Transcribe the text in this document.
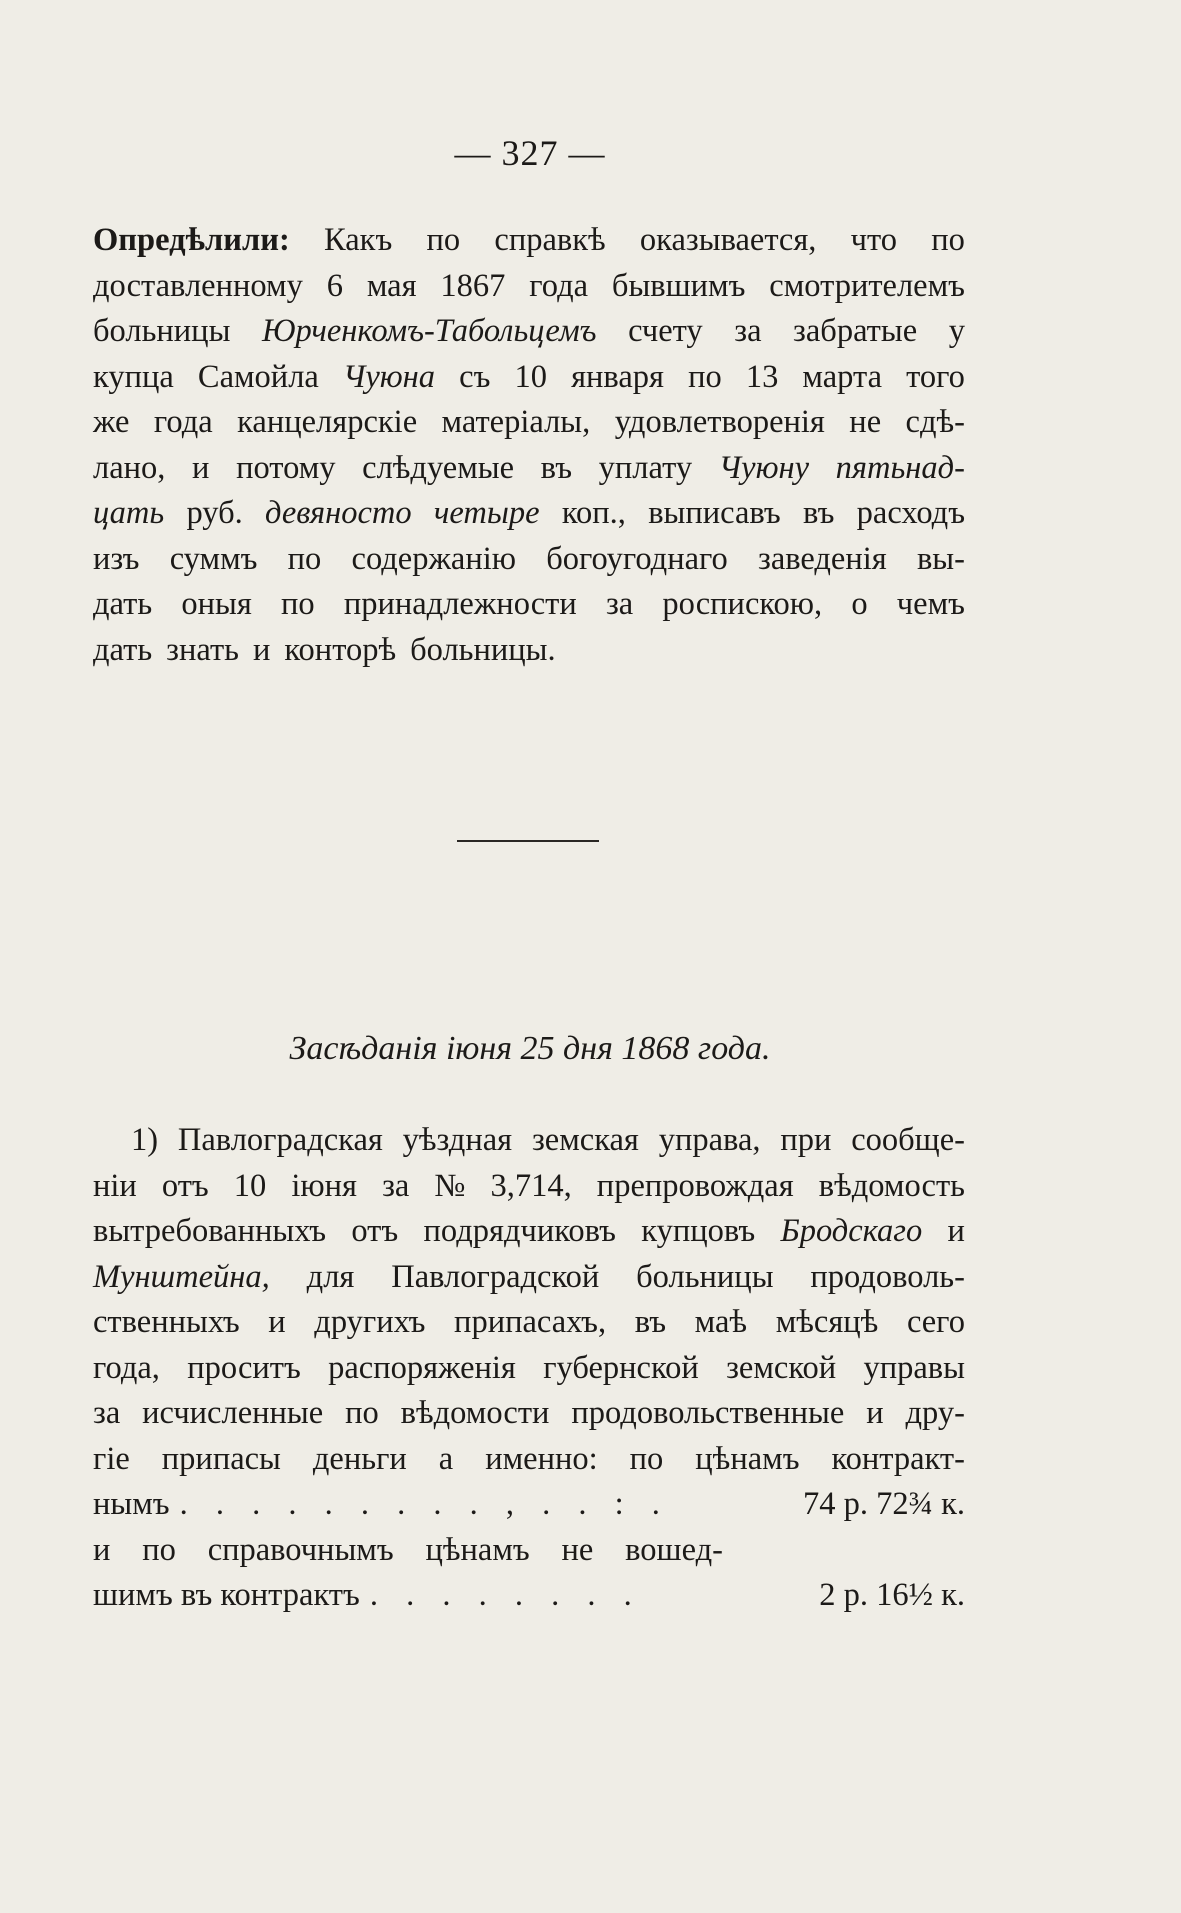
— 327 —
Опредѣлили: Какъ по справкѣ оказывается, что по
доставленному 6 мая 1867 года бывшимъ смотрителемъ
больницы Юрченкомъ-Табольцемъ счету за забратые у
купца Самойла Чуюна съ 10 января по 13 марта того
же года канцелярскіе матеріалы, удовлетворенія не сдѣ-
лано, и потому слѣдуемые въ уплату Чуюну пятьнад-
цать руб. девяносто четыре коп., выписавъ въ расходъ
изъ суммъ по содержанію богоугоднаго заведенія вы-
дать оныя по принадлежности за роспискою, о чемъ
дать знать и конторѣ больницы.
Засѣданія іюня 25 дня 1868 года.
1) Павлоградская уѣздная земская управа, при сообще-
ніи отъ 10 іюня за № 3,714, препровождая вѣдомость
вытребованныхъ отъ подрядчиковъ купцовъ Бродскаго и
Мунштейна, для Павлоградской больницы продоволь-
ственныхъ и другихъ припасахъ, въ маѣ мѣсяцѣ сего
года, проситъ распоряженія губернской земской управы
за исчисленные по вѣдомости продовольственные и дру-
гіе припасы деньги а именно: по цѣнамъ контракт-
нымъ . . . . . . . . . , . . : .	74 р. 72¾ к.
и по справочнымъ цѣнамъ не вошед-
шимъ въ контрактъ . . . . . . . .	2 р. 16½ к.
